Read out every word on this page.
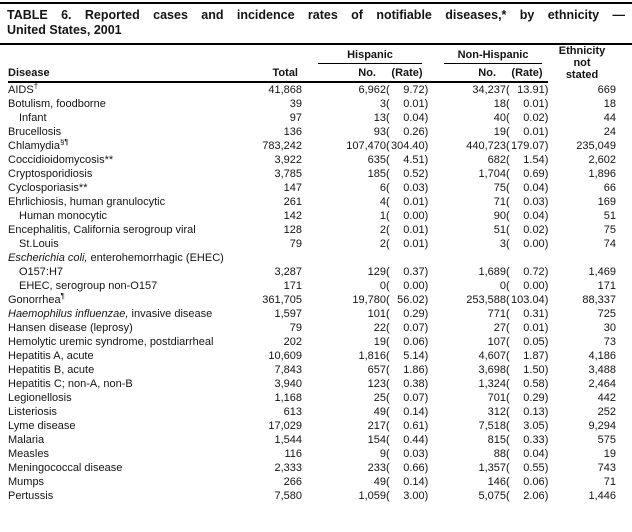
TABLE 6. Reported cases and incidence rates of notifiable diseases,* by ethnicity —
United States, 2001

		Hispanic		Non-Hispanic		Ethnicity
not
stated

Disease	Total	No.	(Rate)	No.	(Rate)	
AIDS†	41,868	6,962	( 9.72)	34,237	( 13.91)	669
Botulism, foodborne	39	3	( 0.01)	18	( 0.01)	18
Infant	97	13	( 0.04)	40	( 0.02)	44
Brucellosis	136	93	( 0.26)	19	( 0.01)	24
Chlamydia§¶	783,242	107,470	(304.40)	440,723	(179.07)	235,049
Coccidioidomycosis**	3,922	635	( 4.51)	682	( 1.54)	2,602
Cryptosporidiosis	3,785	185	( 0.52)	1,704	( 0.69)	1,896
Cyclosporiasis**	147	6	( 0.03)	75	( 0.04)	66
Ehrlichiosis, human granulocytic	261	4	( 0.01)	71	( 0.03)	169
Human monocytic	142	1	( 0.00)	90	( 0.04)	51
Encephalitis, California serogroup viral	128	2	( 0.01)	51	( 0.02)	75
St.Louis	79	2	( 0.01)	3	( 0.00)	74
Escherichia coli, enterohemorrhagic (EHEC)						
O157:H7	3,287	129	( 0.37)	1,689	( 0.72)	1,469
EHEC, serogroup non-O157	171	0	( 0.00)	0	( 0.00)	171
Gonorrhea¶	361,705	19,780	( 56.02)	253,588	(103.04)	88,337
Haemophilus influenzae, invasive disease	1,597	101	( 0.29)	771	( 0.31)	725
Hansen disease (leprosy)	79	22	( 0.07)	27	( 0.01)	30
Hemolytic uremic syndrome, postdiarrheal	202	19	( 0.06)	107	( 0.05)	73
Hepatitis A, acute	10,609	1,816	( 5.14)	4,607	( 1.87)	4,186
Hepatitis B, acute	7,843	657	( 1.86)	3,698	( 1.50)	3,488
Hepatitis C; non-A, non-B	3,940	123	( 0.38)	1,324	( 0.58)	2,464
Legionellosis	1,168	25	( 0.07)	701	( 0.29)	442
Listeriosis	613	49	( 0.14)	312	( 0.13)	252
Lyme disease	17,029	217	( 0.61)	7,518	( 3.05)	9,294
Malaria	1,544	154	( 0.44)	815	( 0.33)	575
Measles	116	9	( 0.03)	88	( 0.04)	19
Meningococcal disease	2,333	233	( 0.66)	1,357	( 0.55)	743
Mumps	266	49	( 0.14)	146	( 0.06)	71
Pertussis	7,580	1,059	( 3.00)	5,075	( 2.06)	1,446
